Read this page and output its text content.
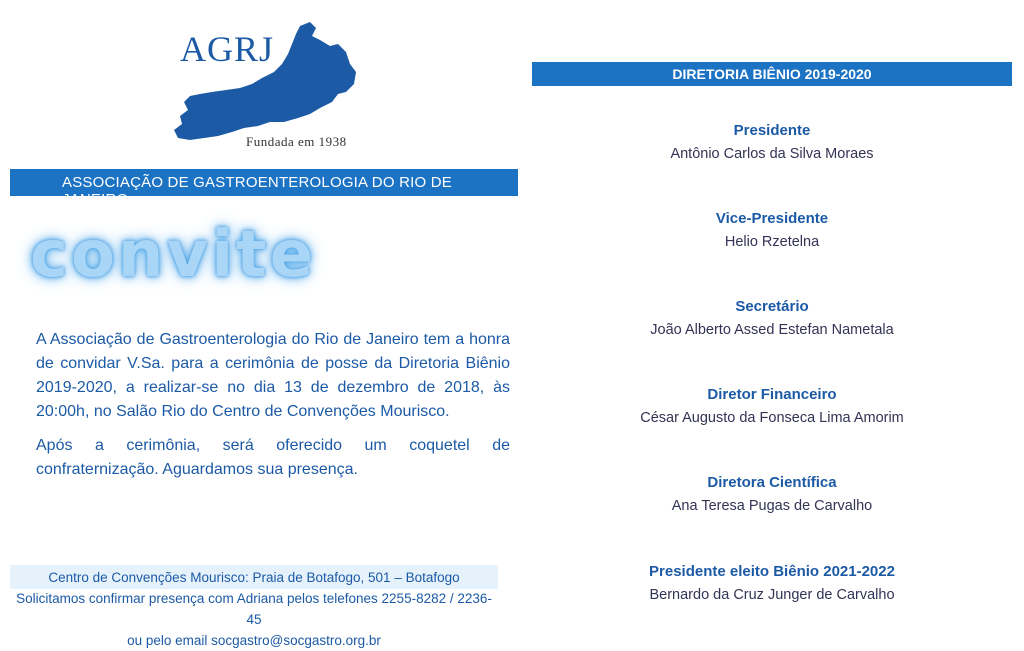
AGRJ
Fundada em 1938
ASSOCIAÇÃO DE GASTROENTEROLOGIA DO RIO DE JANEIRO
convite

A Associação de Gastroenterologia do Rio de Janeiro tem a honra de convidar V.Sa. para a cerimônia de posse da Diretoria Biênio 2019-2020, a realizar-se no dia 13 de dezembro de 2018, às 20:00h, no Salão Rio do Centro de Convenções Mourisco.

Após a cerimônia, será oferecido um coquetel de confraternização. Aguardamos sua presença.

Centro de Convenções Mourisco: Praia de Botafogo, 501 – Botafogo
Solicitamos confirmar presença com Adriana pelos telefones 2255-8282 / 2236-45
ou pelo email socgastro@socgastro.org.br
DIRETORIA BIÊNIO 2019-2020
Presidente
Antônio Carlos da Silva Moraes
Vice-Presidente
Helio Rzetelna
Secretário
João Alberto Assed Estefan Nametala
Diretor Financeiro
César Augusto da Fonseca Lima Amorim
Diretora Científica
Ana Teresa Pugas de Carvalho
Presidente eleito Biênio 2021-2022
Bernardo da Cruz Junger de Carvalho
